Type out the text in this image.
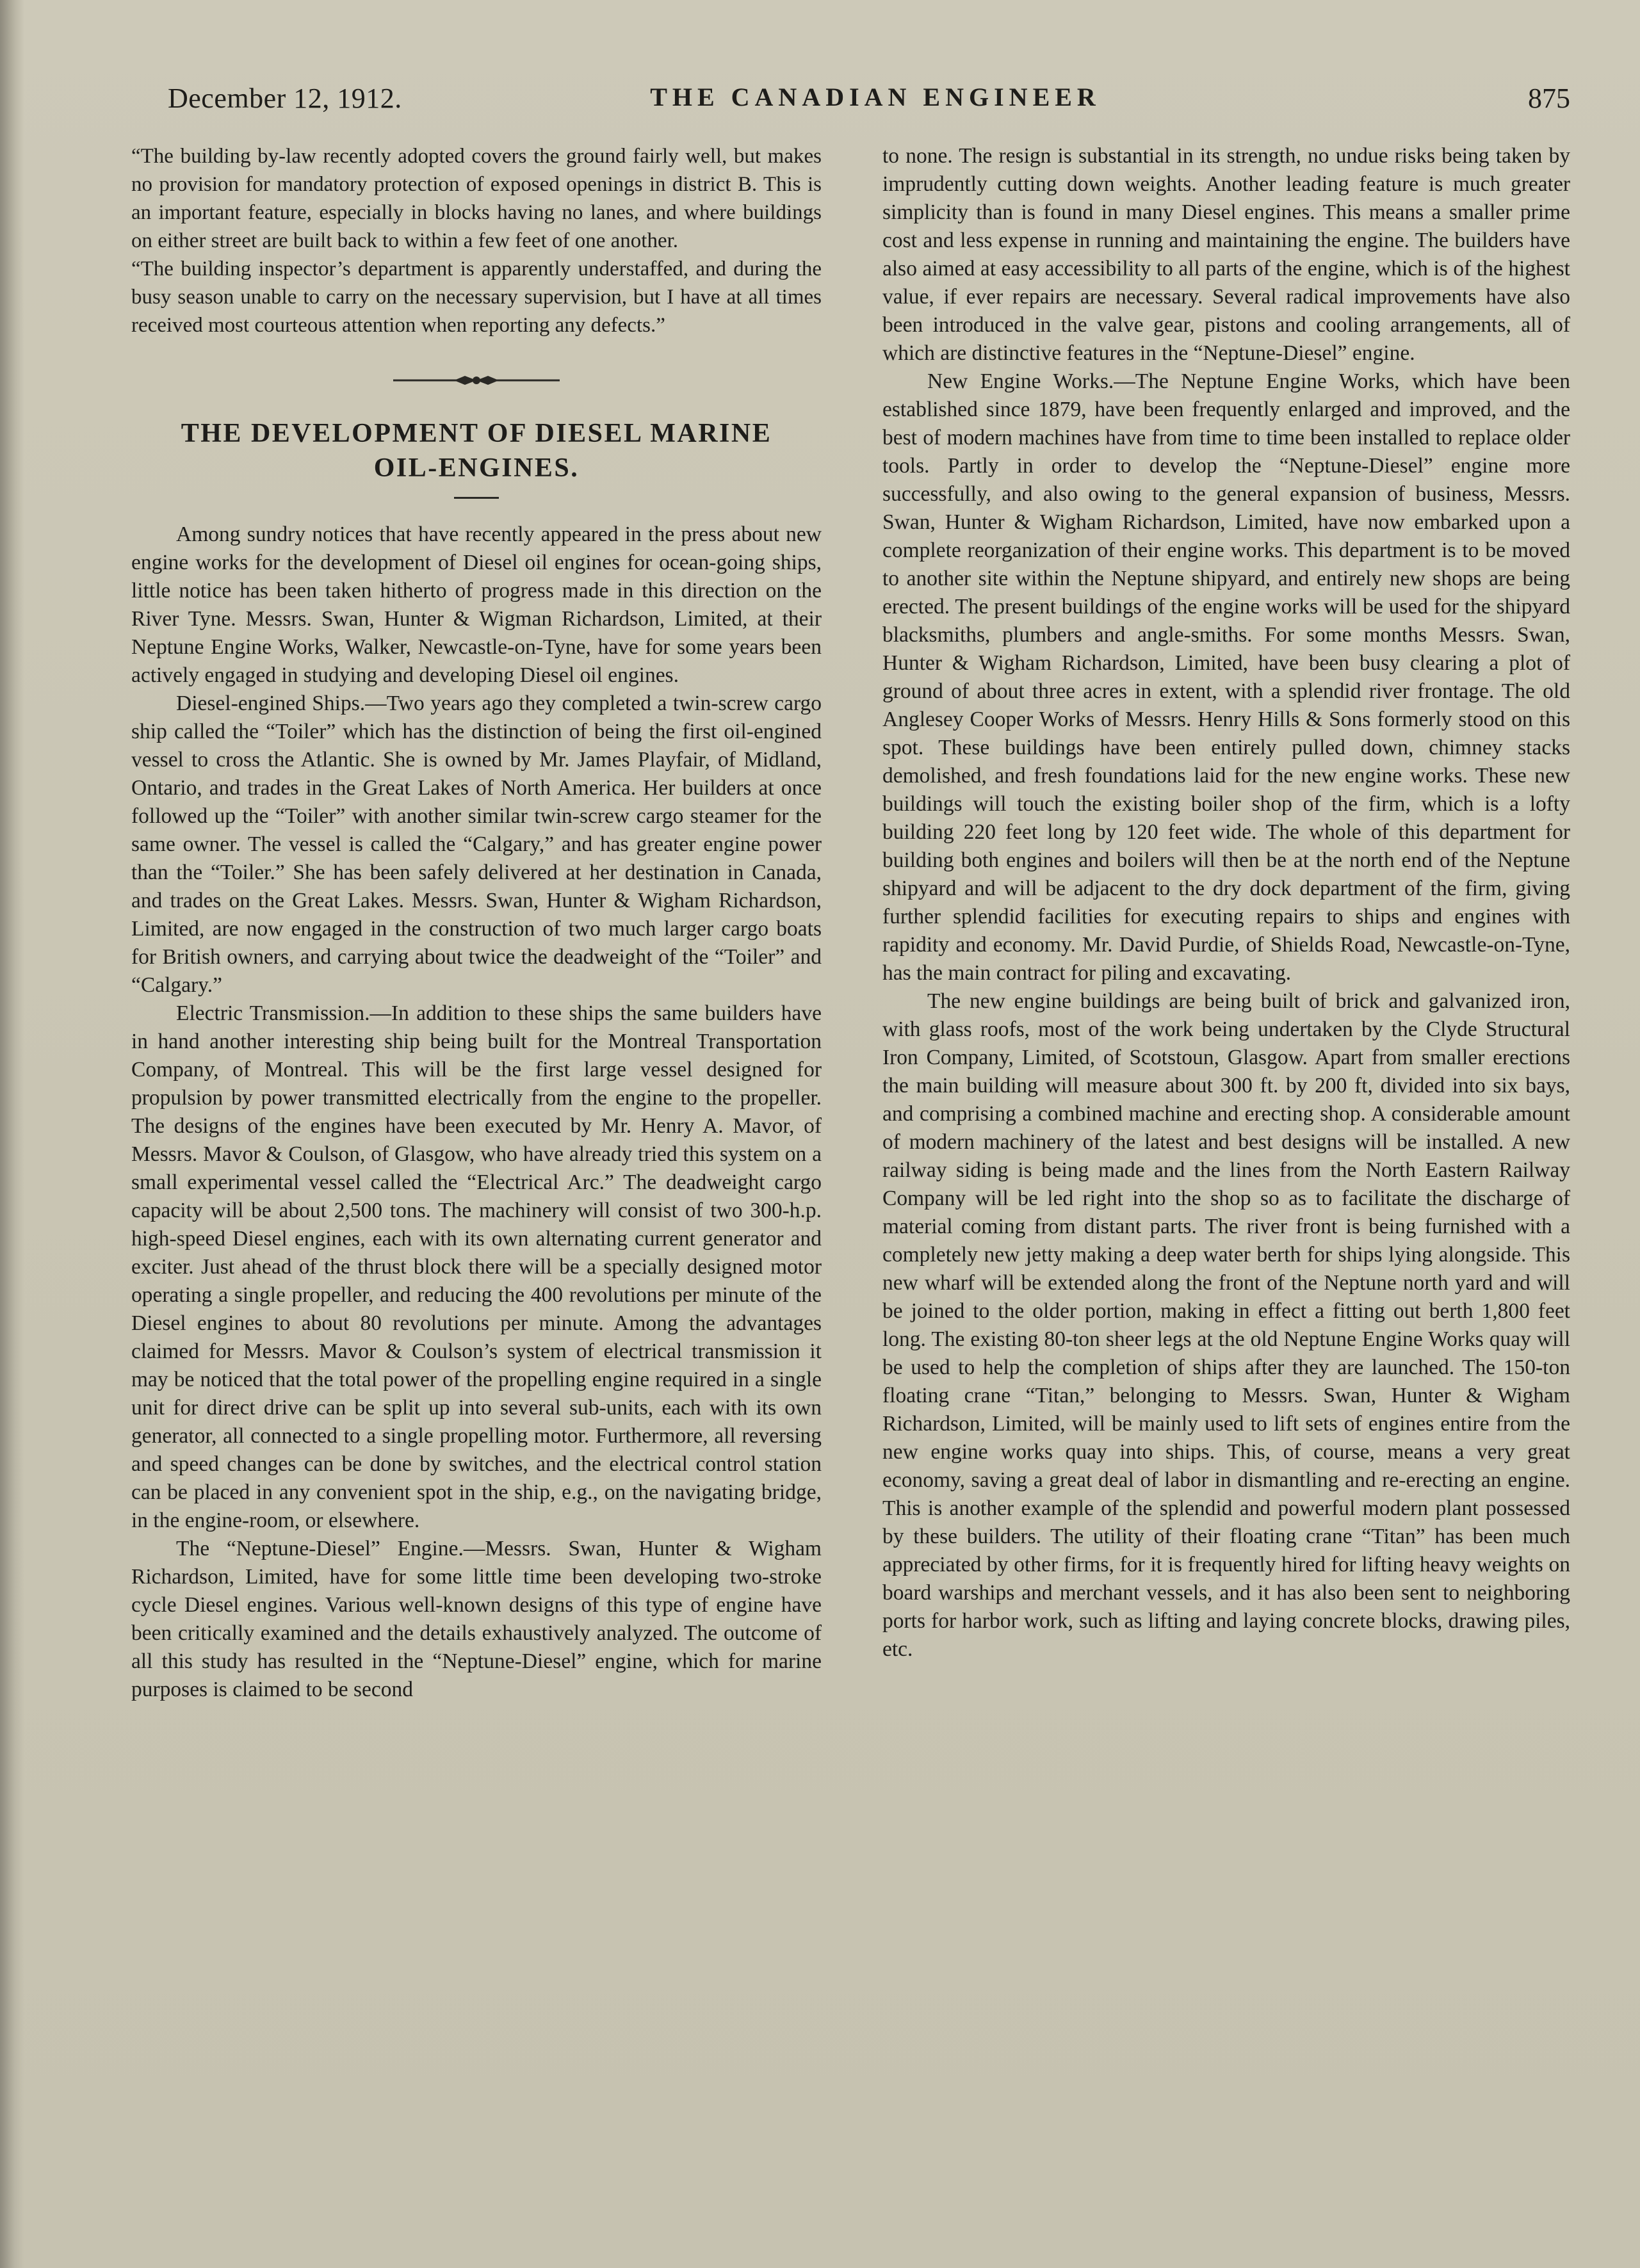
December 12, 1912.	THE CANADIAN ENGINEER	875

“The building by-law recently adopted covers the ground fairly well, but makes no provision for mandatory protection of exposed openings in district B. This is an important feature, especially in blocks having no lanes, and where buildings on either street are built back to within a few feet of one another.

“The building inspector’s department is apparently understaffed, and during the busy season unable to carry on the necessary supervision, but I have at all times received most courteous attention when reporting any defects.”

THE DEVELOPMENT OF DIESEL MARINE
OIL-ENGINES.

Among sundry notices that have recently appeared in the press about new engine works for the development of Diesel oil engines for ocean-going ships, little notice has been taken hitherto of progress made in this direction on the River Tyne. Messrs. Swan, Hunter & Wigman Richardson, Limited, at their Neptune Engine Works, Walker, Newcastle-on-Tyne, have for some years been actively engaged in studying and developing Diesel oil engines.

Diesel-engined Ships.—Two years ago they completed a twin-screw cargo ship called the “Toiler” which has the distinction of being the first oil-engined vessel to cross the Atlantic. She is owned by Mr. James Playfair, of Midland, Ontario, and trades in the Great Lakes of North America. Her builders at once followed up the “Toiler” with another similar twin-screw cargo steamer for the same owner. The vessel is called the “Calgary,” and has greater engine power than the “Toiler.” She has been safely delivered at her destination in Canada, and trades on the Great Lakes. Messrs. Swan, Hunter & Wigham Richardson, Limited, are now engaged in the construction of two much larger cargo boats for British owners, and carrying about twice the deadweight of the “Toiler” and “Calgary.”

Electric Transmission.—In addition to these ships the same builders have in hand another interesting ship being built for the Montreal Transportation Company, of Montreal. This will be the first large vessel designed for propulsion by power transmitted electrically from the engine to the propeller. The designs of the engines have been executed by Mr. Henry A. Mavor, of Messrs. Mavor & Coulson, of Glasgow, who have already tried this system on a small experimental vessel called the “Electrical Arc.” The deadweight cargo capacity will be about 2,500 tons. The machinery will consist of two 300-h.p. high-speed Diesel engines, each with its own alternating current generator and exciter. Just ahead of the thrust block there will be a specially designed motor operating a single propeller, and reducing the 400 revolutions per minute of the Diesel engines to about 80 revolutions per minute. Among the advantages claimed for Messrs. Mavor & Coulson’s system of electrical transmission it may be noticed that the total power of the propelling engine required in a single unit for direct drive can be split up into several sub-units, each with its own generator, all connected to a single propelling motor. Furthermore, all reversing and speed changes can be done by switches, and the electrical control station can be placed in any convenient spot in the ship, e.g., on the navigating bridge, in the engine-room, or elsewhere.

The “Neptune-Diesel” Engine.—Messrs. Swan, Hunter & Wigham Richardson, Limited, have for some little time been developing two-stroke cycle Diesel engines. Various well-known designs of this type of engine have been critically examined and the details exhaustively analyzed. The outcome of all this study has resulted in the “Neptune-Diesel” engine, which for marine purposes is claimed to be second

to none. The resign is substantial in its strength, no undue risks being taken by imprudently cutting down weights. Another leading feature is much greater simplicity than is found in many Diesel engines. This means a smaller prime cost and less expense in running and maintaining the engine. The builders have also aimed at easy accessibility to all parts of the engine, which is of the highest value, if ever repairs are necessary. Several radical improvements have also been introduced in the valve gear, pistons and cooling arrangements, all of which are distinctive features in the “Neptune-Diesel” engine.

New Engine Works.—The Neptune Engine Works, which have been established since 1879, have been frequently enlarged and improved, and the best of modern machines have from time to time been installed to replace older tools. Partly in order to develop the “Neptune-Diesel” engine more successfully, and also owing to the general expansion of business, Messrs. Swan, Hunter & Wigham Richardson, Limited, have now embarked upon a complete reorganization of their engine works. This department is to be moved to another site within the Neptune shipyard, and entirely new shops are being erected. The present buildings of the engine works will be used for the shipyard blacksmiths, plumbers and angle-smiths. For some months Messrs. Swan, Hunter & Wigham Richardson, Limited, have been busy clearing a plot of ground of about three acres in extent, with a splendid river frontage. The old Anglesey Cooper Works of Messrs. Henry Hills & Sons formerly stood on this spot. These buildings have been entirely pulled down, chimney stacks demolished, and fresh foundations laid for the new engine works. These new buildings will touch the existing boiler shop of the firm, which is a lofty building 220 feet long by 120 feet wide. The whole of this department for building both engines and boilers will then be at the north end of the Neptune shipyard and will be adjacent to the dry dock department of the firm, giving further splendid facilities for executing repairs to ships and engines with rapidity and economy. Mr. David Purdie, of Shields Road, Newcastle-on-Tyne, has the main contract for piling and excavating.

The new engine buildings are being built of brick and galvanized iron, with glass roofs, most of the work being undertaken by the Clyde Structural Iron Company, Limited, of Scotstoun, Glasgow. Apart from smaller erections the main building will measure about 300 ft. by 200 ft, divided into six bays, and comprising a combined machine and erecting shop. A considerable amount of modern machinery of the latest and best designs will be installed. A new railway siding is being made and the lines from the North Eastern Railway Company will be led right into the shop so as to facilitate the discharge of material coming from distant parts. The river front is being furnished with a completely new jetty making a deep water berth for ships lying alongside. This new wharf will be extended along the front of the Neptune north yard and will be joined to the older portion, making in effect a fitting out berth 1,800 feet long. The existing 80-ton sheer legs at the old Neptune Engine Works quay will be used to help the completion of ships after they are launched. The 150-ton floating crane “Titan,” belonging to Messrs. Swan, Hunter & Wigham Richardson, Limited, will be mainly used to lift sets of engines entire from the new engine works quay into ships. This, of course, means a very great economy, saving a great deal of labor in dismantling and re-erecting an engine. This is another example of the splendid and powerful modern plant possessed by these builders. The utility of their floating crane “Titan” has been much appreciated by other firms, for it is frequently hired for lifting heavy weights on board warships and merchant vessels, and it has also been sent to neighboring ports for harbor work, such as lifting and laying concrete blocks, drawing piles, etc.
